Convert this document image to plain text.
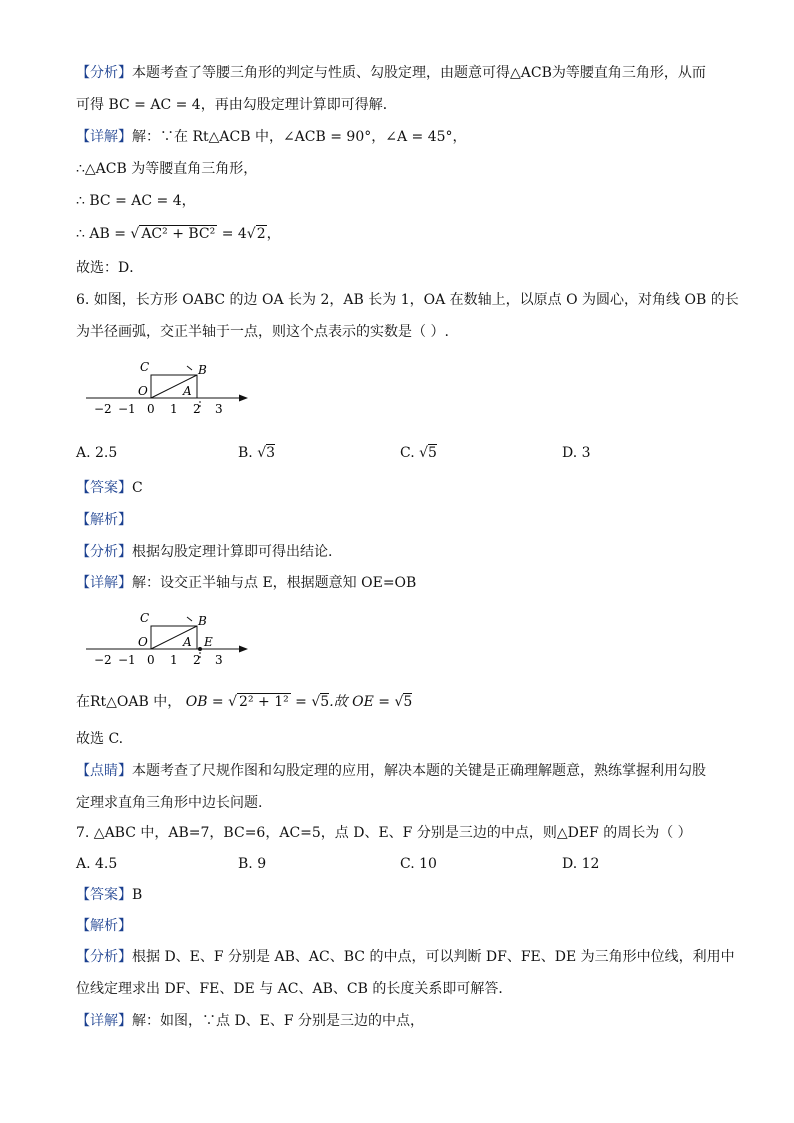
【分析】本题考查了等腰三角形的判定与性质、勾股定理，由题意可得△ACB为等腰直角三角形，从而
可得 BC = AC = 4，再由勾股定理计算即可得解．
【详解】解：∵在 Rt△ACB 中，∠ACB = 90°，∠A = 45°，
∴△ACB 为等腰直角三角形，
∴ BC = AC = 4，
∴ AB = √ AC² + BC² = 4√2，
故选：D．
6. 如图，长方形 OABC 的边 OA 长为 2，AB 长为 1，OA 在数轴上，以原点 O 为圆心，对角线 OB 的长
为半径画弧，交正半轴于一点，则这个点表示的实数是（ ）.
C	B
O	A
−2 −1 0 1 2 3
A. 2.5	B. √3	C. √5	D. 3
【答案】C
【解析】
【分析】根据勾股定理计算即可得出结论.
【详解】解：设交正半轴与点 E，根据题意知 OE=OB
C	B
O	A E
−2 −1 0 1 2 3
在Rt△OAB 中， OB = √ 2² + 1² = √5.故 OE = √5
故选 C.
【点睛】本题考查了尺规作图和勾股定理的应用，解决本题的关键是正确理解题意，熟练掌握利用勾股
定理求直角三角形中边长问题.
7. △ABC 中，AB=7，BC=6，AC=5，点 D、E、F 分别是三边的中点，则△DEF 的周长为（ ）
A. 4.5	B. 9	C. 10	D. 12
【答案】B
【解析】
【分析】根据 D、E、F 分别是 AB、AC、BC 的中点，可以判断 DF、FE、DE 为三角形中位线，利用中
位线定理求出 DF、FE、DE 与 AC、AB、CB 的长度关系即可解答．
【详解】解：如图，∵点 D、E、F 分别是三边的中点，
